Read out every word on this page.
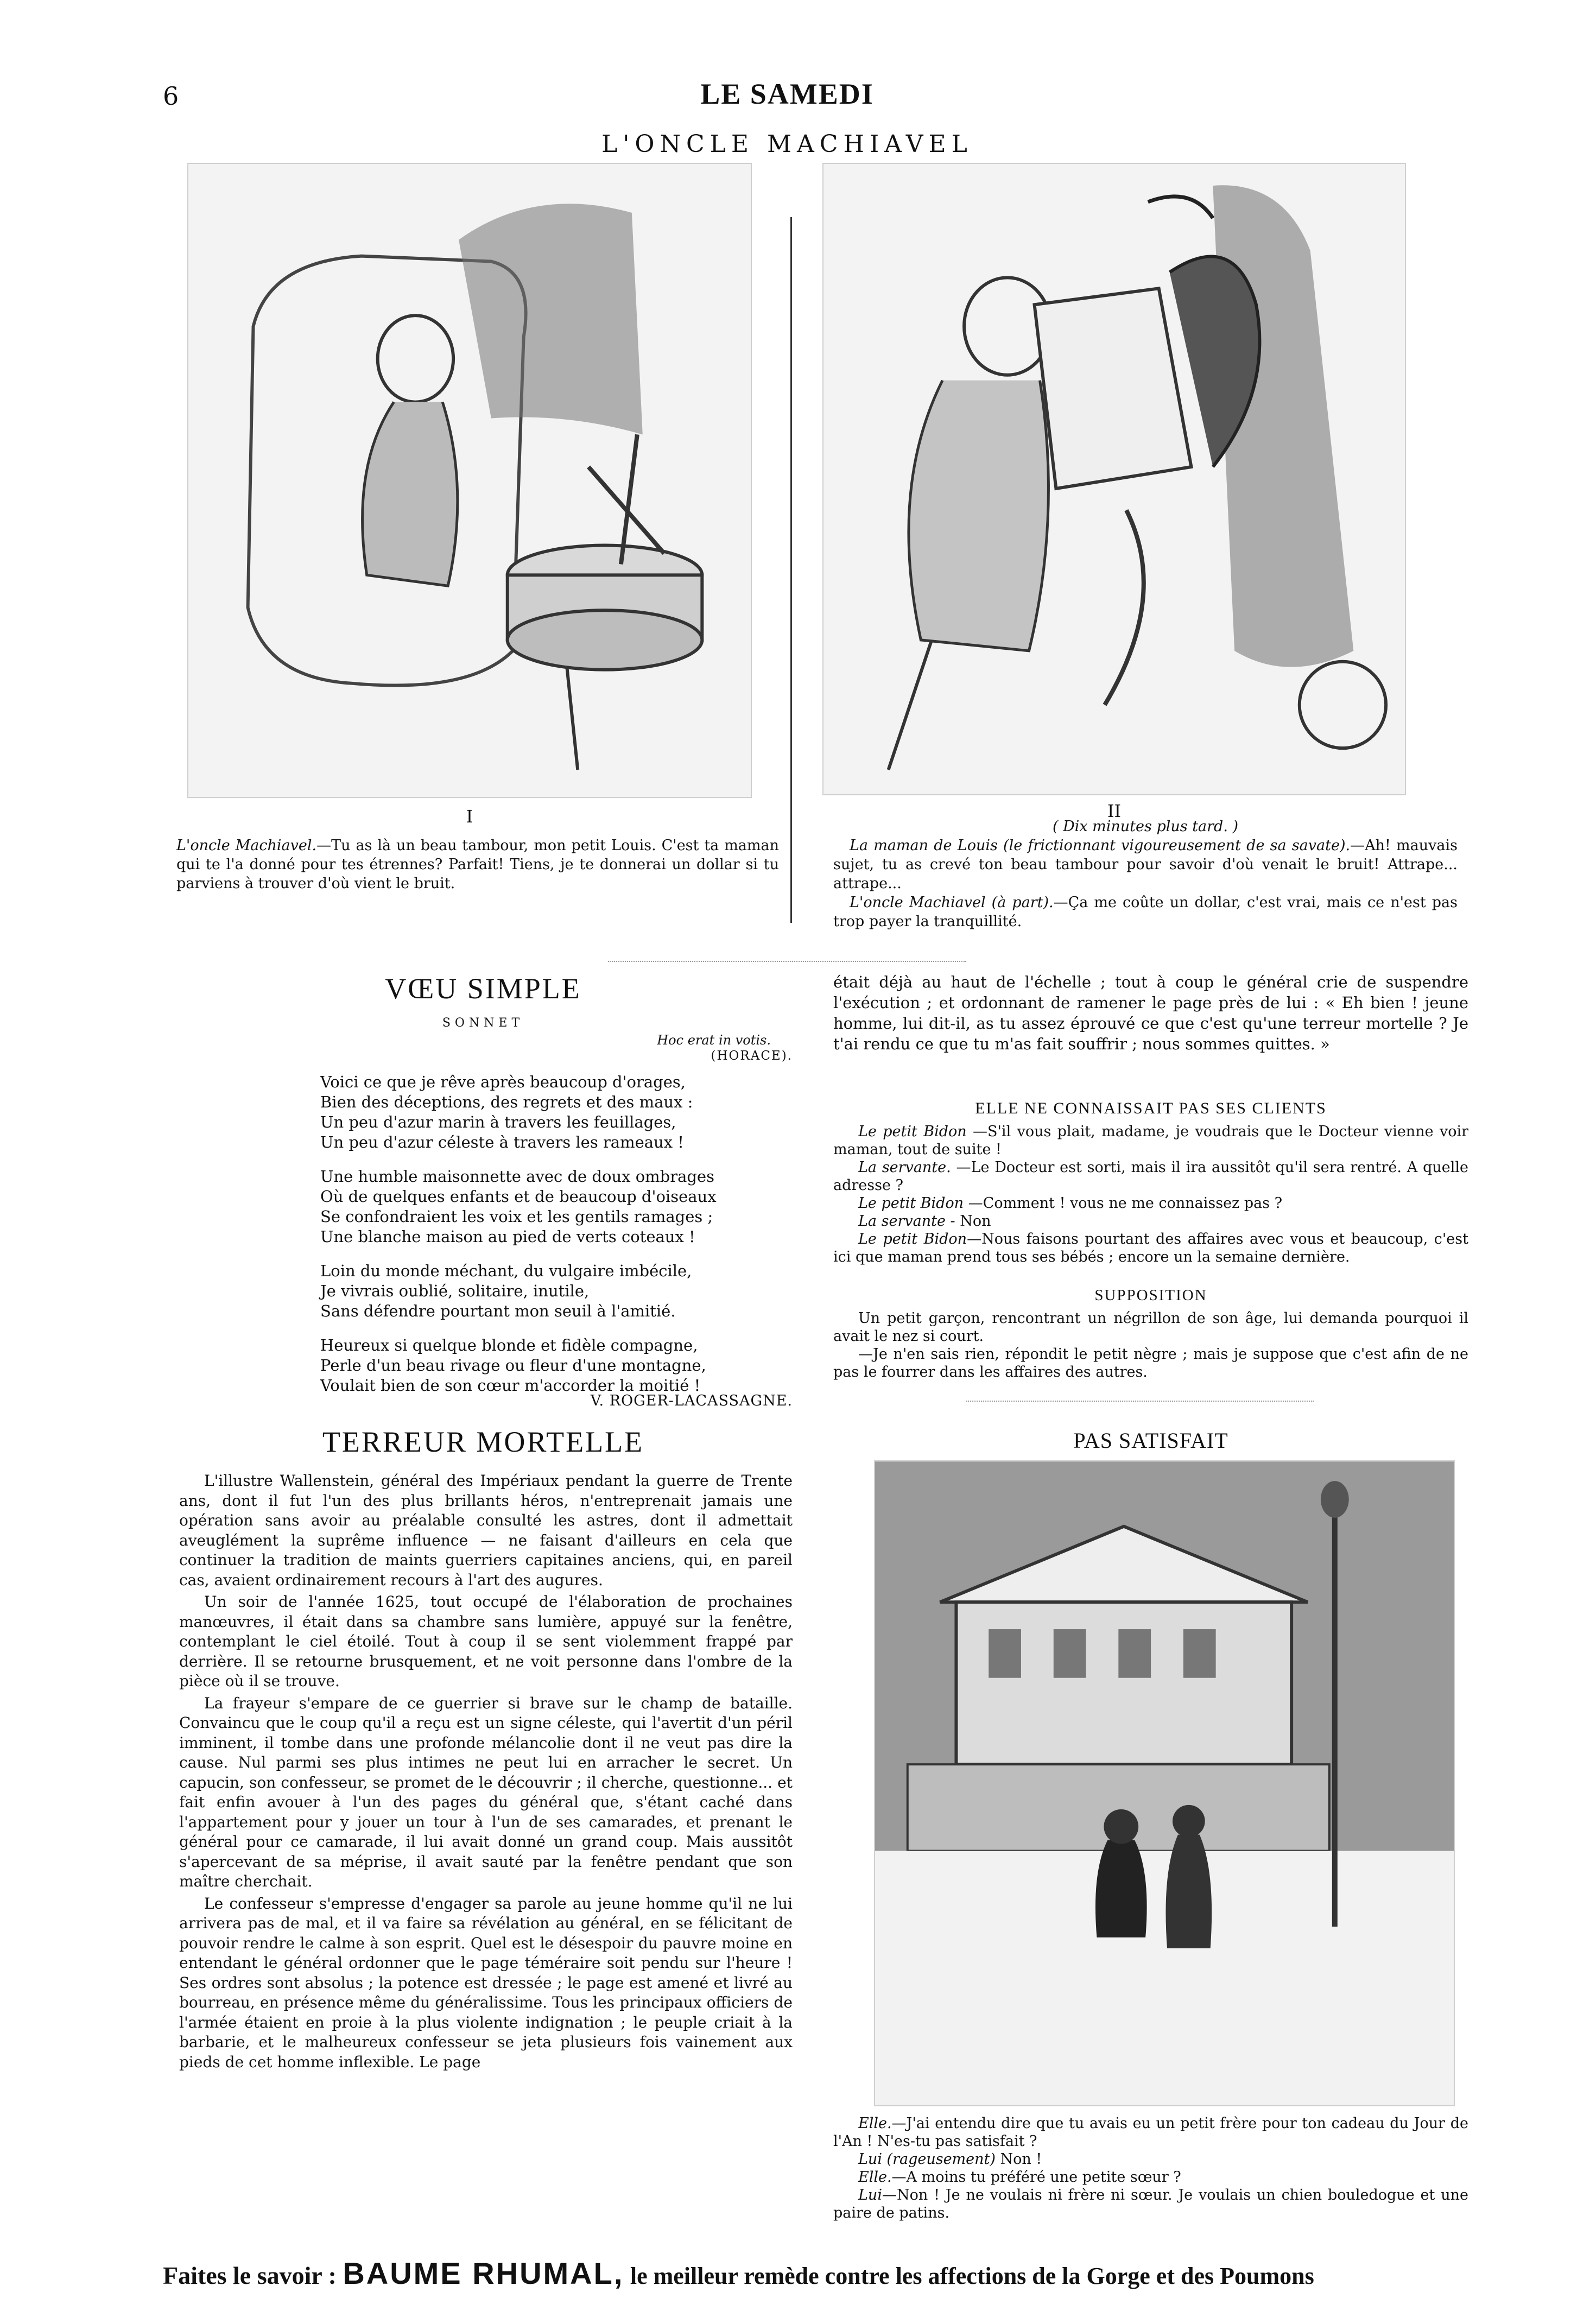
6	LE SAMEDI
L'ONCLE MACHIAVEL
I	II

L'oncle Machiavel.—Tu as là un beau tambour, mon petit Louis. C'est ta maman qui te l'a donné pour tes étrennes? Parfait! Tiens, je te donnerai un dollar si tu parviens à trouver d'où vient le bruit.

( Dix minutes plus tard. )

La maman de Louis (le frictionnant vigoureusement de sa savate).—Ah! mauvais sujet, tu as crevé ton beau tambour pour savoir d'où venait le bruit! Attrape... attrape...

L'oncle Machiavel (à part).—Ça me coûte un dollar, c'est vrai, mais ce n'est pas trop payer la tranquillité.

VŒU SIMPLE
SONNET
Hoc erat in votis.
(HORACE).
Voici ce que je rêve après beaucoup d'orages,
Bien des déceptions, des regrets et des maux :
Un peu d'azur marin à travers les feuillages,
Un peu d'azur céleste à travers les rameaux !
Une humble maisonnette avec de doux ombrages
Où de quelques enfants et de beaucoup d'oiseaux
Se confondraient les voix et les gentils ramages ;
Une blanche maison au pied de verts coteaux !
Loin du monde méchant, du vulgaire imbécile,
Je vivrais oublié, solitaire, inutile,
Sans défendre pourtant mon seuil à l'amitié.
Heureux si quelque blonde et fidèle compagne,
Perle d'un beau rivage ou fleur d'une montagne,
Voulait bien de son cœur m'accorder la moitié !
V. ROGER-LACASSAGNE.

était déjà au haut de l'échelle ; tout à coup le général crie de suspendre l'exécution ; et ordonnant de ramener le page près de lui : « Eh bien ! jeune homme, lui dit-il, as tu assez éprouvé ce que c'est qu'une terreur mortelle ? Je t'ai rendu ce que tu m'as fait souffrir ; nous sommes quittes. »

ELLE NE CONNAISSAIT PAS SES CLIENTS

Le petit Bidon —S'il vous plait, madame, je voudrais que le Docteur vienne voir maman, tout de suite !

La servante. —Le Docteur est sorti, mais il ira aussitôt qu'il sera rentré. A quelle adresse ?

Le petit Bidon —Comment ! vous ne me connaissez pas ?

La servante - Non

Le petit Bidon—Nous faisons pourtant des affaires avec vous et beaucoup, c'est ici que maman prend tous ses bébés ; encore un la semaine dernière.

SUPPOSITION

Un petit garçon, rencontrant un négrillon de son âge, lui demanda pourquoi il avait le nez si court.

—Je n'en sais rien, répondit le petit nègre ; mais je suppose que c'est afin de ne pas le fourrer dans les affaires des autres.

TERREUR MORTELLE

L'illustre Wallenstein, général des Impériaux pendant la guerre de Trente ans, dont il fut l'un des plus brillants héros, n'entreprenait jamais une opération sans avoir au préalable consulté les astres, dont il admettait aveuglément la suprême influence — ne faisant d'ailleurs en cela que continuer la tradition de maints guerriers capitaines anciens, qui, en pareil cas, avaient ordinairement recours à l'art des augures.

Un soir de l'année 1625, tout occupé de l'élaboration de prochaines manœuvres, il était dans sa chambre sans lumière, appuyé sur la fenêtre, contemplant le ciel étoilé. Tout à coup il se sent violemment frappé par derrière. Il se retourne brusquement, et ne voit personne dans l'ombre de la pièce où il se trouve.

La frayeur s'empare de ce guerrier si brave sur le champ de bataille. Convaincu que le coup qu'il a reçu est un signe céleste, qui l'avertit d'un péril imminent, il tombe dans une profonde mélancolie dont il ne veut pas dire la cause. Nul parmi ses plus intimes ne peut lui en arracher le secret. Un capucin, son confesseur, se promet de le découvrir ; il cherche, questionne... et fait enfin avouer à l'un des pages du général que, s'étant caché dans l'appartement pour y jouer un tour à l'un de ses camarades, et prenant le général pour ce camarade, il lui avait donné un grand coup. Mais aussitôt s'apercevant de sa méprise, il avait sauté par la fenêtre pendant que son maître cherchait.

Le confesseur s'empresse d'engager sa parole au jeune homme qu'il ne lui arrivera pas de mal, et il va faire sa révélation au général, en se félicitant de pouvoir rendre le calme à son esprit. Quel est le désespoir du pauvre moine en entendant le général ordonner que le page téméraire soit pendu sur l'heure ! Ses ordres sont absolus ; la potence est dressée ; le page est amené et livré au bourreau, en présence même du généralissime. Tous les principaux officiers de l'armée étaient en proie à la plus violente indignation ; le peuple criait à la barbarie, et le malheureux confesseur se jeta plusieurs fois vainement aux pieds de cet homme inflexible. Le page

PAS SATISFAIT

Elle.—J'ai entendu dire que tu avais eu un petit frère pour ton cadeau du Jour de l'An ! N'es-tu pas satisfait ?

Lui (rageusement) Non !

Elle.—A moins tu préféré une petite sœur ?

Lui—Non ! Je ne voulais ni frère ni sœur. Je voulais un chien bouledogue et une paire de patins.

Faites le savoir : BAUME RHUMAL, le meilleur remède contre les affections de la Gorge et des Poumons
